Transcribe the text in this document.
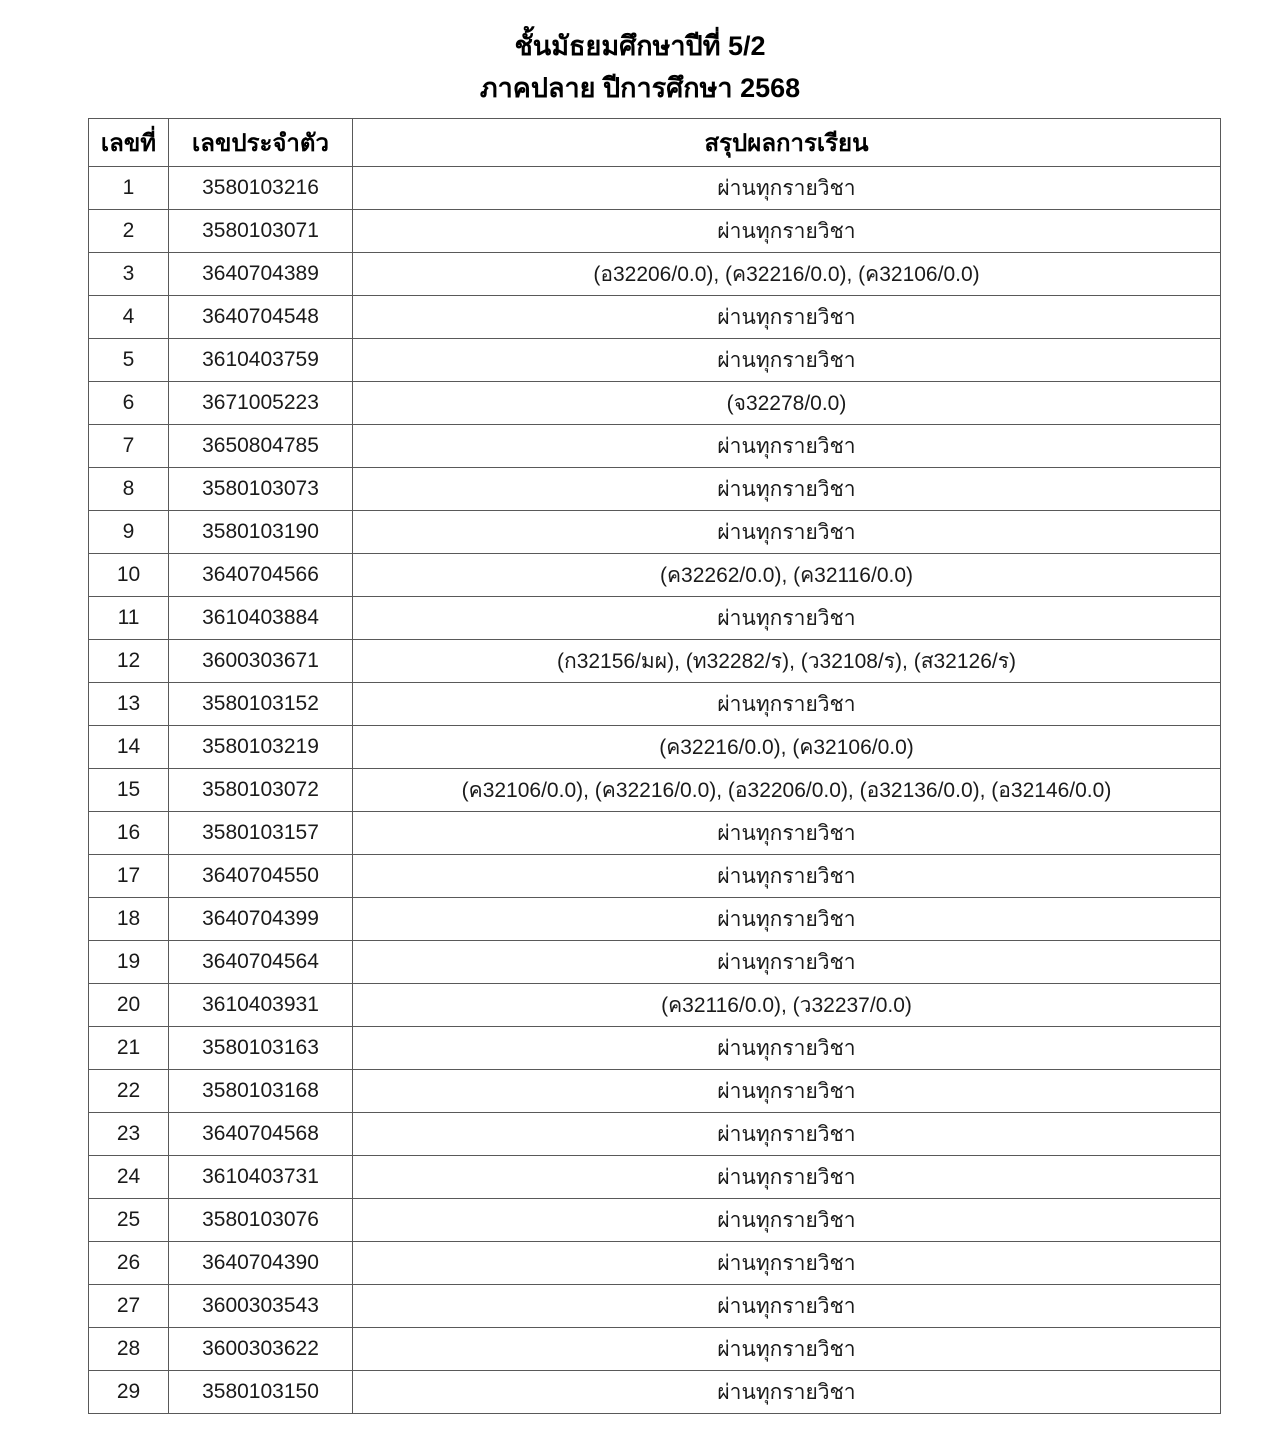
ชั้นมัธยมศึกษาปีที่ 5/2
ภาคปลาย ปีการศึกษา 2568
เลขที่	เลขประจำตัว	สรุปผลการเรียน
1	3580103216	ผ่านทุกรายวิชา
2	3580103071	ผ่านทุกรายวิชา
3	3640704389	(อ32206/0.0), (ค32216/0.0), (ค32106/0.0)
4	3640704548	ผ่านทุกรายวิชา
5	3610403759	ผ่านทุกรายวิชา
6	3671005223	(จ32278/0.0)
7	3650804785	ผ่านทุกรายวิชา
8	3580103073	ผ่านทุกรายวิชา
9	3580103190	ผ่านทุกรายวิชา
10	3640704566	(ค32262/0.0), (ค32116/0.0)
11	3610403884	ผ่านทุกรายวิชา
12	3600303671	(ก32156/มผ), (ท32282/ร), (ว32108/ร), (ส32126/ร)
13	3580103152	ผ่านทุกรายวิชา
14	3580103219	(ค32216/0.0), (ค32106/0.0)
15	3580103072	(ค32106/0.0), (ค32216/0.0), (อ32206/0.0), (อ32136/0.0), (อ32146/0.0)
16	3580103157	ผ่านทุกรายวิชา
17	3640704550	ผ่านทุกรายวิชา
18	3640704399	ผ่านทุกรายวิชา
19	3640704564	ผ่านทุกรายวิชา
20	3610403931	(ค32116/0.0), (ว32237/0.0)
21	3580103163	ผ่านทุกรายวิชา
22	3580103168	ผ่านทุกรายวิชา
23	3640704568	ผ่านทุกรายวิชา
24	3610403731	ผ่านทุกรายวิชา
25	3580103076	ผ่านทุกรายวิชา
26	3640704390	ผ่านทุกรายวิชา
27	3600303543	ผ่านทุกรายวิชา
28	3600303622	ผ่านทุกรายวิชา
29	3580103150	ผ่านทุกรายวิชา
